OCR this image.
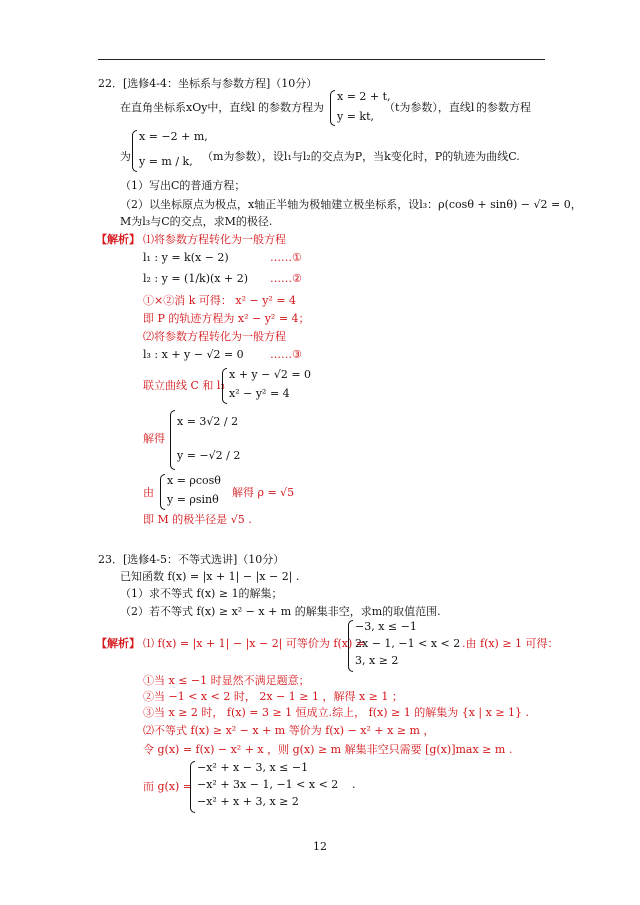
22．[选修4-4：坐标系与参数方程]（10分）
在直角坐标系xOy中，直线l 的参数方程为
x = 2 + t,
y = kt,
（t为参数），直线l 的参数方程
为
x = −2 + m,
y = m / k, （m为参数），设l₁与l₂的交点为P，当k变化时，P的轨迹为曲线C.
（1）写出C的普通方程；
（2）以坐标原点为极点，x轴正半轴为极轴建立极坐标系，设l₃：ρ(cosθ + sinθ) − √2 = 0，
M为l₃与C的交点，求M的极径.
【解析】 ⑴将参数方程转化为一般方程
l₁ : y = k(x − 2)	……①
l₂ : y = (1/k)(x + 2) ……②
①×②消 k 可得： x² − y² = 4
即 P 的轨迹方程为 x² − y² = 4；
⑵将参数方程转化为一般方程
l₃ : x + y − √2 = 0 ……③
联立曲线 C 和 l₃
x + y − √2 = 0
x² − y² = 4
解得
x = 3√2 / 2
y = −√2 / 2
由
x = ρcosθ
y = ρsinθ
解得 ρ = √5
即 M 的极半径是 √5 .
23．[选修4-5：不等式选讲]（10分）
已知函数 f(x) = |x + 1| − |x − 2| .
（1）求不等式 f(x) ≥ 1的解集；
（2）若不等式 f(x) ≥ x² − x + m 的解集非空，求m的取值范围.
【解析】 ⑴ f(x) = |x + 1| − |x − 2| 可等价为 f(x) =
−3, x ≤ −1
2x − 1, −1 < x < 2
3, x ≥ 2
.由 f(x) ≥ 1 可得：
①当 x ≤ −1 时显然不满足题意；
②当 −1 < x < 2 时， 2x − 1 ≥ 1 ，解得 x ≥ 1 ；
③当 x ≥ 2 时， f(x) = 3 ≥ 1 恒成立.综上， f(x) ≥ 1 的解集为 {x | x ≥ 1} .
⑵不等式 f(x) ≥ x² − x + m 等价为 f(x) − x² + x ≥ m ，
令 g(x) = f(x) − x² + x ，则 g(x) ≥ m 解集非空只需要 [g(x)]max ≥ m .
而 g(x) =
−x² + x − 3, x ≤ −1
−x² + 3x − 1, −1 < x < 2
−x² + x + 3, x ≥ 2
.
12
